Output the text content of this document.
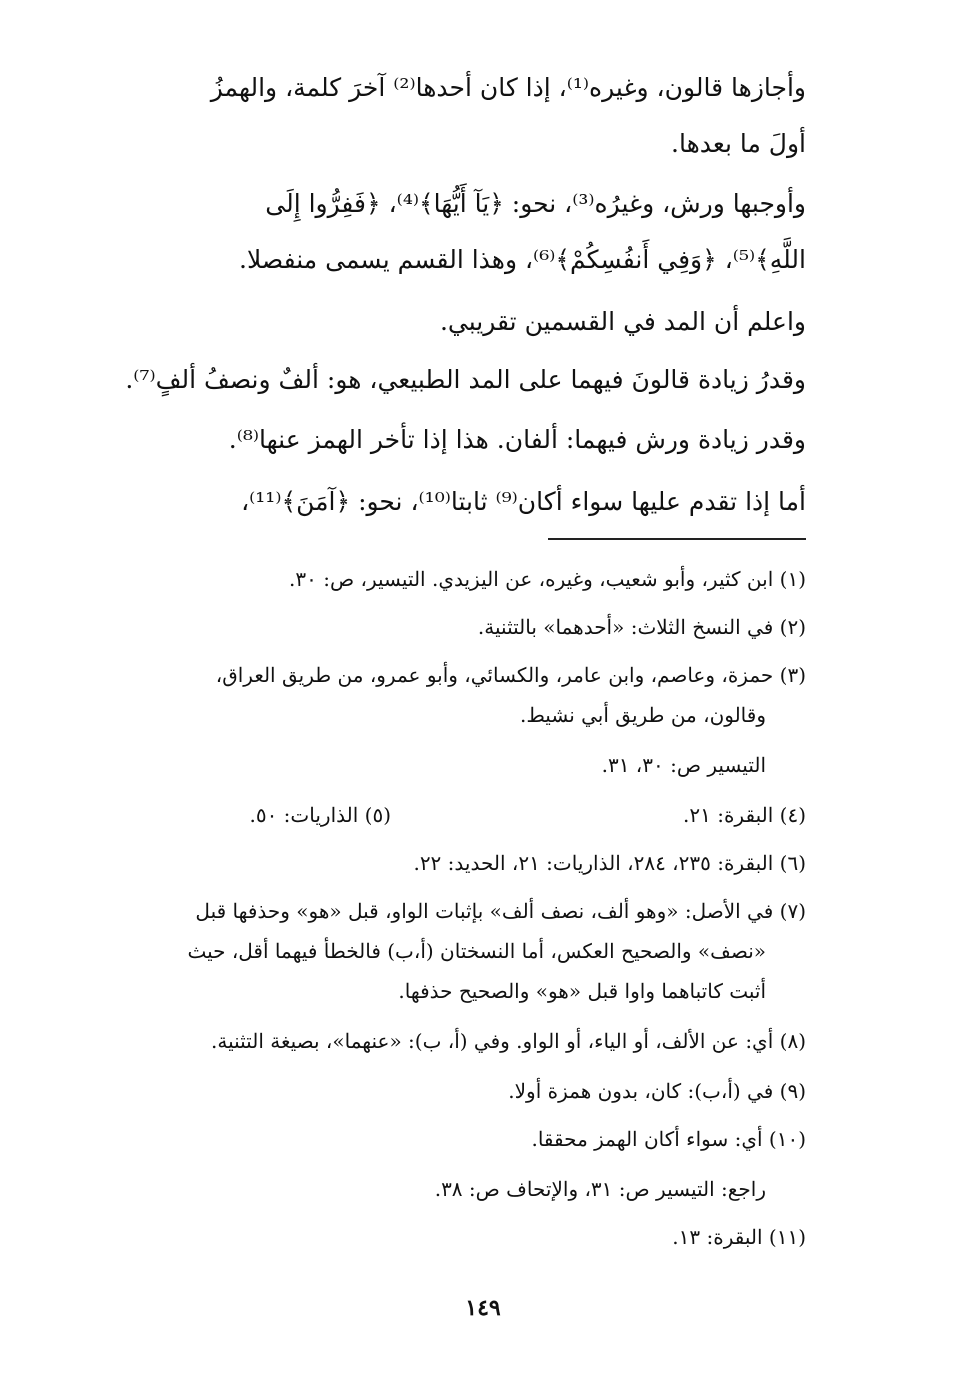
وأجازها قالون، وغيره⁽¹⁾، إذا كان أحدها⁽²⁾ آخرَ كلمة، والهمزُ

أولَ ما بعدها.

وأوجبها ورش، وغيرُه⁽³⁾، نحو: ﴿يَآ أَيُّهَا﴾⁽⁴⁾، ﴿فَفِرُّوا إِلَى

اللَّهِ﴾⁽⁵⁾، ﴿وَفِي أَنفُسِكُمْ﴾⁽⁶⁾، وهذا القسم يسمى منفصلا.

واعلم أن المد في القسمين تقريبي.

وقدرُ زيادة قالونَ فيهما على المد الطبيعي، هو: ألفٌ ونصفُ ألفٍ⁽⁷⁾.

وقدر زيادة ورش فيهما: ألفان. هذا إذا تأخر الهمز عنها⁽⁸⁾.

أما إذا تقدم عليها سواء أكان⁽⁹⁾ ثابتا⁽¹⁰⁾، نحو: ﴿آمَنَ﴾⁽¹¹⁾،

(١) ابن كثير، وأبو شعيب، وغيره، عن اليزيدي. التيسير، ص: ٣٠.

(٢) في النسخ الثلاث: «أحدهما» بالتثنية.

(٣) حمزة، وعاصم، وابن عامر، والكسائي، وأبو عمرو، من طريق العراق،

وقالون، من طريق أبي نشيط.

التيسير ص: ٣٠، ٣١.

(٤) البقرة: ٢١.

(٥) الذاريات: ٥٠.

(٦) البقرة: ٢٣٥، ٢٨٤، الذاريات: ٢١، الحديد: ٢٢.

(٧) في الأصل: «وهو ألف، نصف ألف» بإثبات الواو، قبل «هو» وحذفها قبل

«نصف» والصحيح العكس، أما النسختان (أ،ب) فالخطأ فيهما أقل، حيث

أثبت كاتباهما واوا قبل «هو» والصحيح حذفها.

(٨) أي: عن الألف، أو الياء، أو الواو. وفي (أ، ب): «عنهما»، بصيغة التثنية.

(٩) في (أ،ب): كان، بدون همزة أولا.

(١٠) أي: سواء أكان الهمز محققا.

راجع: التيسير ص: ٣١، والإتحاف ص: ٣٨.

(١١) البقرة: ١٣.

١٤٩
